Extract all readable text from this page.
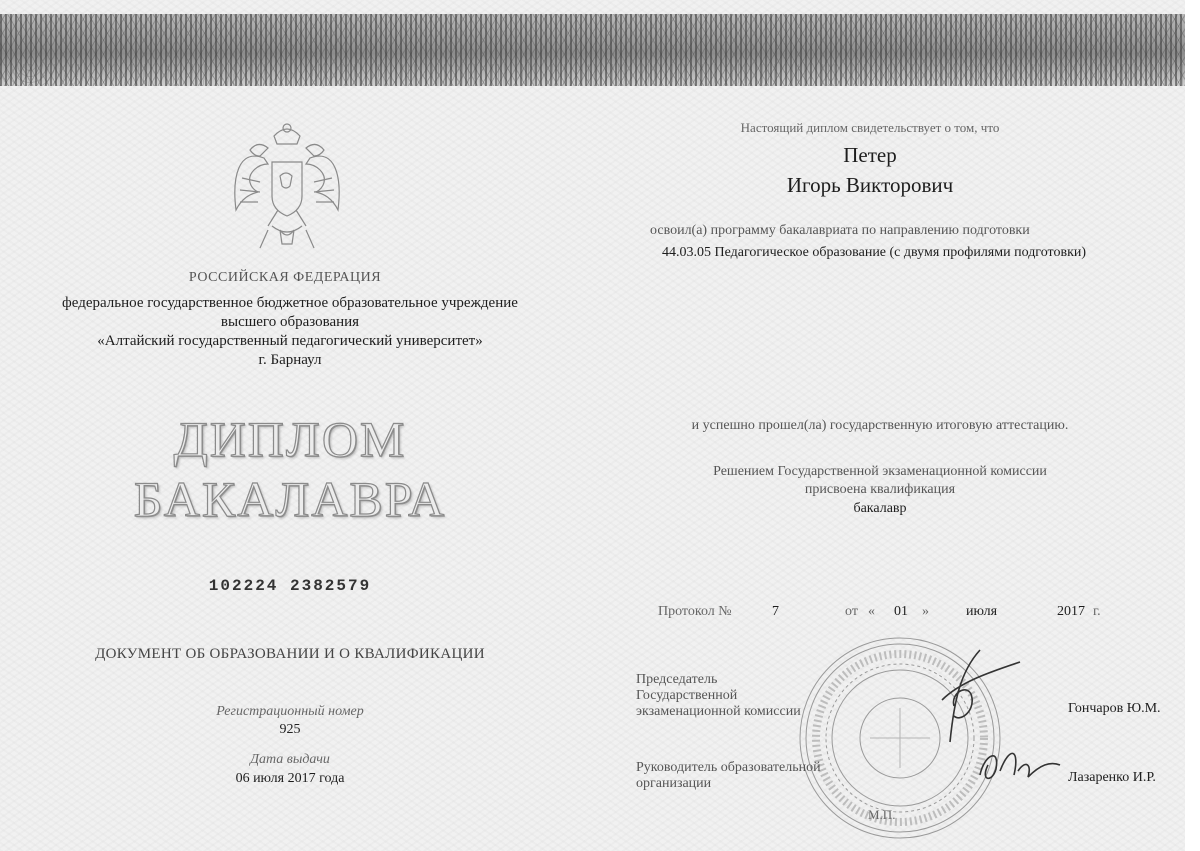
РОССИЙСКАЯ ФЕДЕРАЦИЯ
федеральное государственное бюджетное образовательное учреждение
высшего образования
«Алтайский государственный педагогический университет»
г. Барнаул
ДИПЛОМ
БАКАЛАВРА
102224 2382579
ДОКУМЕНТ ОБ ОБРАЗОВАНИИ И О КВАЛИФИКАЦИИ
Регистрационный номер
925
Дата выдачи
06 июля 2017 года
Настоящий диплом свидетельствует о том, что
Петер
Игорь Викторович
освоил(а) программу бакалавриата по направлению подготовки
44.03.05 Педагогическое образование (с двумя профилями подготовки)
и успешно прошел(ла) государственную итоговую аттестацию.
Решением Государственной экзаменационной комиссии
присвоена квалификация
бакалавр
Протокол №	7	от « 01 »	июля	2017 г.
Председатель
Государственной
экзаменационной комиссии	Гончаров Ю.М.
Руководитель образовательной
организации	Лазаренко И.Р.
М.П.
